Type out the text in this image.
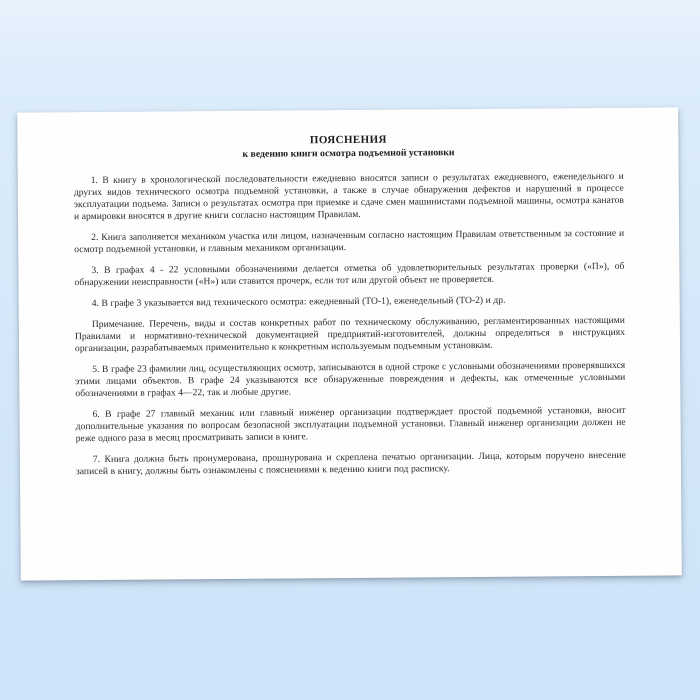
ПОЯСНЕНИЯ
к ведению книги осмотра подъемной установки

1. В книгу в хронологической последовательности ежедневно вносятся записи о результатах ежедневного, еженедельного и других видов технического осмотра подъемной установки, а также в случае обнаружения дефектов и нарушений в процессе эксплуатации подъема. Записи о результатах осмотра при приемке и сдаче смен машинистами подъемной машины, осмотра канатов и армировки вносятся в другие книги согласно настоящим Правилам.

2. Книга заполняется механиком участка или лицом, назначенным согласно настоящим Правилам ответственным за состояние и осмотр подъемной установки, и главным механиком организации.

3. В графах 4 - 22 условными обозначениями делается отметка об удовлетворительных результатах проверки («П»), об обнаружении неисправности («Н») или ставится прочерк, если тот или другой объект не проверяется.

4. В графе 3 указывается вид технического осмотра: ежедневный (ТО-1), еженедельный (ТО-2) и др.

Примечание. Перечень, виды и состав конкретных работ по техническому обслуживанию, регламентированных настоящими Правилами и нормативно-технической документацией предприятий-изготовителей, должны определяться в инструкциях организации, разрабатываемых применительно к конкретным используемым подъемным установкам.

5. В графе 23 фамилии лиц, осуществляющих осмотр, записываются в одной строке с условными обозначениями проверявшихся этими лицами объектов. В графе 24 указываются все обнаруженные повреждения и дефекты, как отмеченные условными обозначениями в графах 4—22, так и любые другие.

6. В графе 27 главный механик или главный инженер организации подтверждает простой подъемной установки, вносит дополнительные указания по вопросам безопасной эксплуатации подъемной установки. Главный инженер организации должен не реже одного раза в месяц просматривать записи в книге.

7. Книга должна быть пронумерована, прошнурована и скреплена печатью организации. Лица, которым поручено внесение записей в книгу, должны быть ознакомлены с пояснениями к ведению книги под расписку.
